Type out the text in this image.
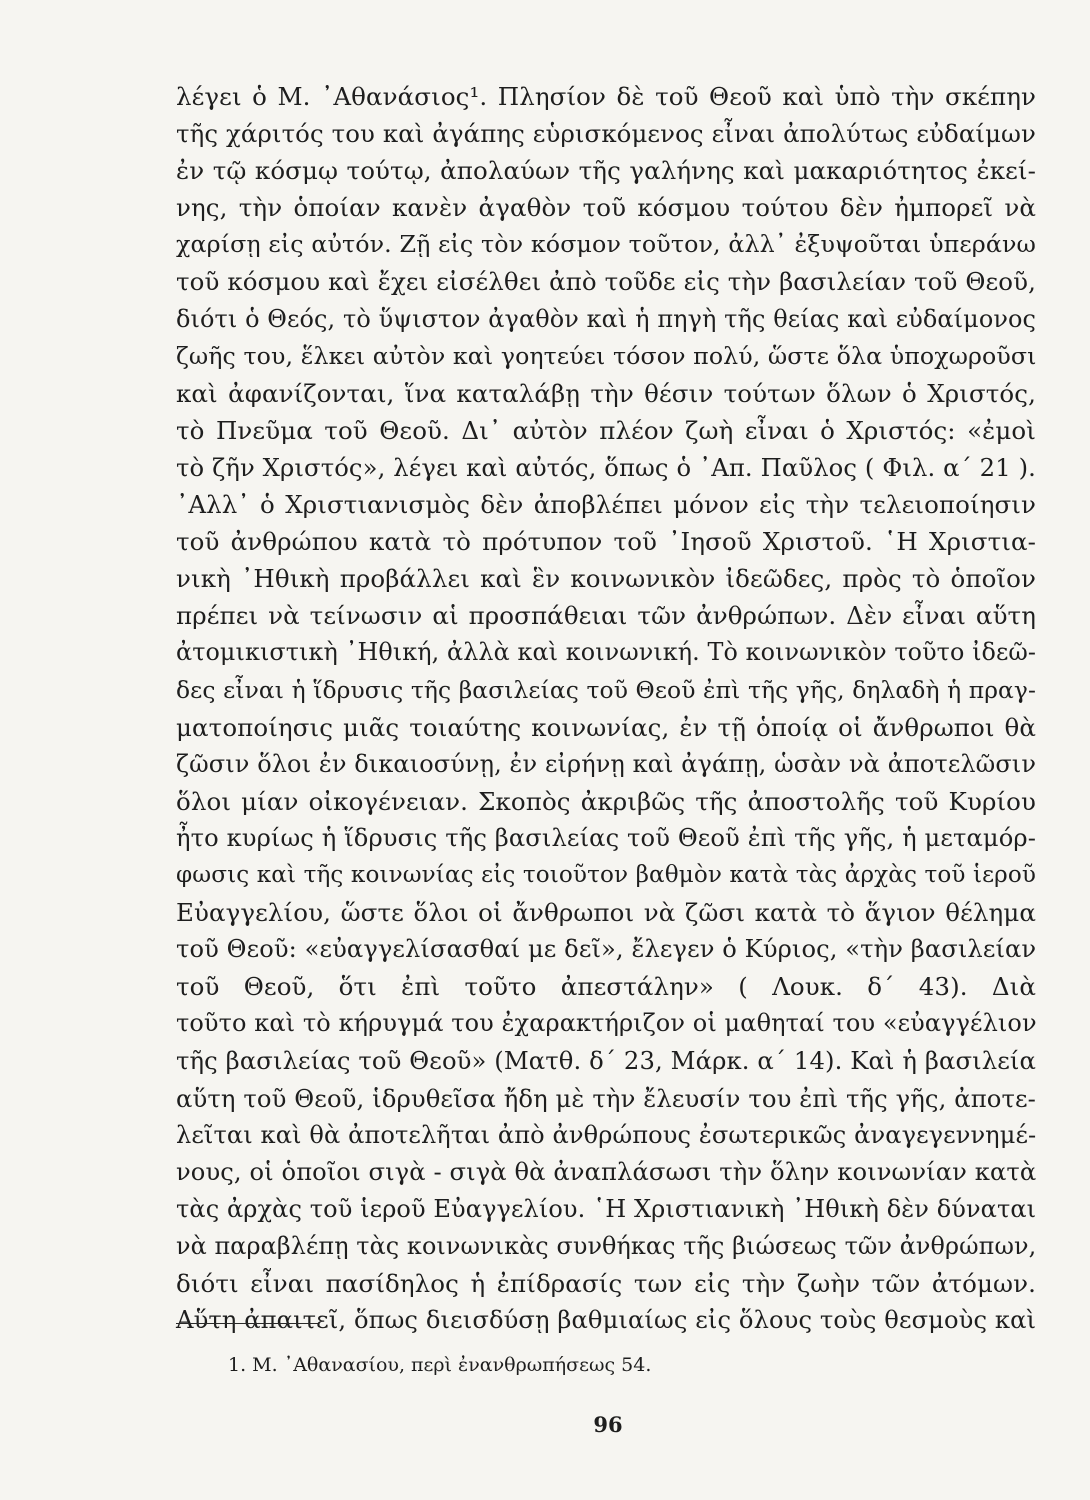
λέγει ὁ Μ. ᾿Αθανάσιος¹. Πλησίον δὲ τοῦ Θεοῦ καὶ ὑπὸ τὴν σκέπην
τῆς χάριτός του καὶ ἀγάπης εὑρισκόμενος εἶναι ἀπολύτως εὐδαίμων
ἐν τῷ κόσμῳ τούτῳ, ἀπολαύων τῆς γαλήνης καὶ μακαριότητος ἐκεί-
νης, τὴν ὁποίαν κανὲν ἀγαθὸν τοῦ κόσμου τούτου δὲν ἠμπορεῖ νὰ
χαρίσῃ εἰς αὐτόν. Ζῇ εἰς τὸν κόσμον τοῦτον, ἀλλ᾿ ἐξυψοῦται ὑπεράνω
τοῦ κόσμου καὶ ἔχει εἰσέλθει ἀπὸ τοῦδε εἰς τὴν βασιλείαν τοῦ Θεοῦ,
διότι ὁ Θεός, τὸ ὕψιστον ἀγαθὸν καὶ ἡ πηγὴ τῆς θείας καὶ εὐδαίμονος
ζωῆς του, ἕλκει αὐτὸν καὶ γοητεύει τόσον πολύ, ὥστε ὅλα ὑποχωροῦσι
καὶ ἀφανίζονται, ἵνα καταλάβῃ τὴν θέσιν τούτων ὅλων ὁ Χριστός,
τὸ Πνεῦμα τοῦ Θεοῦ. Δι᾿ αὐτὸν πλέον ζωὴ εἶναι ὁ Χριστός: «ἐμοὶ
τὸ ζῆν Χριστός», λέγει καὶ αὐτός, ὅπως ὁ ᾿Απ. Παῦλος ( Φιλ. α΄ 21 ).
᾿Αλλ᾿ ὁ Χριστιανισμὸς δὲν ἀποβλέπει μόνον εἰς τὴν τελειοποίησιν
τοῦ ἀνθρώπου κατὰ τὸ πρότυπον τοῦ ᾿Ιησοῦ Χριστοῦ. ῾Η Χριστια-
νικὴ ᾿Ηθικὴ προβάλλει καὶ ἓν κοινωνικὸν ἰδεῶδες, πρὸς τὸ ὁποῖον
πρέπει νὰ τείνωσιν αἱ προσπάθειαι τῶν ἀνθρώπων. Δὲν εἶναι αὕτη
ἀτομικιστικὴ ᾿Ηθική, ἀλλὰ καὶ κοινωνική. Τὸ κοινωνικὸν τοῦτο ἰδεῶ-
δες εἶναι ἡ ἵδρυσις τῆς βασιλείας τοῦ Θεοῦ ἐπὶ τῆς γῆς, δηλαδὴ ἡ πραγ-
ματοποίησις μιᾶς τοιαύτης κοινωνίας, ἐν τῇ ὁποίᾳ οἱ ἄνθρωποι θὰ
ζῶσιν ὅλοι ἐν δικαιοσύνῃ, ἐν εἰρήνῃ καὶ ἀγάπῃ, ὡσὰν νὰ ἀποτελῶσιν
ὅλοι μίαν οἰκογένειαν. Σκοπὸς ἀκριβῶς τῆς ἀποστολῆς τοῦ Κυρίου
ἦτο κυρίως ἡ ἵδρυσις τῆς βασιλείας τοῦ Θεοῦ ἐπὶ τῆς γῆς, ἡ μεταμόρ-
φωσις καὶ τῆς κοινωνίας εἰς τοιοῦτον βαθμὸν κατὰ τὰς ἀρχὰς τοῦ ἱεροῦ
Εὐαγγελίου, ὥστε ὅλοι οἱ ἄνθρωποι νὰ ζῶσι κατὰ τὸ ἅγιον θέλημα
τοῦ Θεοῦ: «εὐαγγελίσασθαί με δεῖ», ἔλεγεν ὁ Κύριος, «τὴν βασιλείαν
τοῦ Θεοῦ, ὅτι ἐπὶ τοῦτο ἀπεστάλην» ( Λουκ. δ΄ 43). Διὰ
τοῦτο καὶ τὸ κήρυγμά του ἐχαρακτήριζον οἱ μαθηταί του «εὐαγγέλιον
τῆς βασιλείας τοῦ Θεοῦ» (Ματθ. δ΄ 23, Μάρκ. α΄ 14). Καὶ ἡ βασιλεία
αὕτη τοῦ Θεοῦ, ἱδρυθεῖσα ἤδη μὲ τὴν ἔλευσίν του ἐπὶ τῆς γῆς, ἀποτε-
λεῖται καὶ θὰ ἀποτελῆται ἀπὸ ἀνθρώπους ἐσωτερικῶς ἀναγεγεννημέ-
νους, οἱ ὁποῖοι σιγὰ - σιγὰ θὰ ἀναπλάσωσι τὴν ὅλην κοινωνίαν κατὰ
τὰς ἀρχὰς τοῦ ἱεροῦ Εὐαγγελίου. ῾Η Χριστιανικὴ ᾿Ηθικὴ δὲν δύναται
νὰ παραβλέπῃ τὰς κοινωνικὰς συνθήκας τῆς βιώσεως τῶν ἀνθρώπων,
διότι εἶναι πασίδηλος ἡ ἐπίδρασίς των εἰς τὴν ζωὴν τῶν ἀτόμων.
Αὕτη ἀπαιτεῖ, ὅπως διεισδύσῃ βαθμιαίως εἰς ὅλους τοὺς θεσμοὺς καὶ
1. Μ. ᾿Αθανασίου, περὶ ἐνανθρωπήσεως 54.
96
